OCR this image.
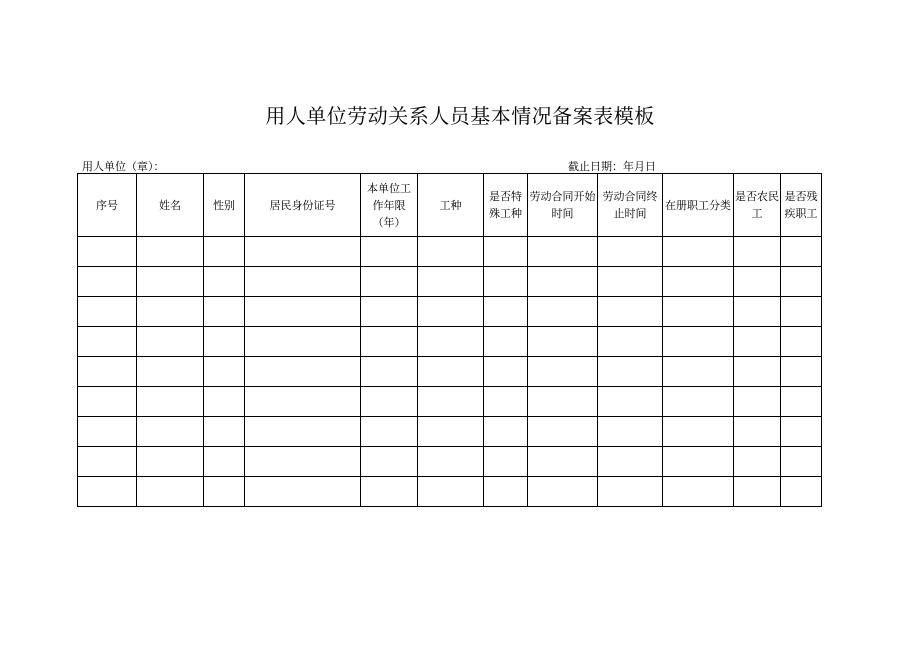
用人单位劳动关系人员基本情况备案表模板
用人单位（章）：	截止日期：年月日
序号	姓名	性别	居民身份证号	本单位工作年限（年）	工种	是否特殊工种	劳动合同开始时间	劳动合同终止时间	在册职工分类	是否农民工	是否残疾职工
